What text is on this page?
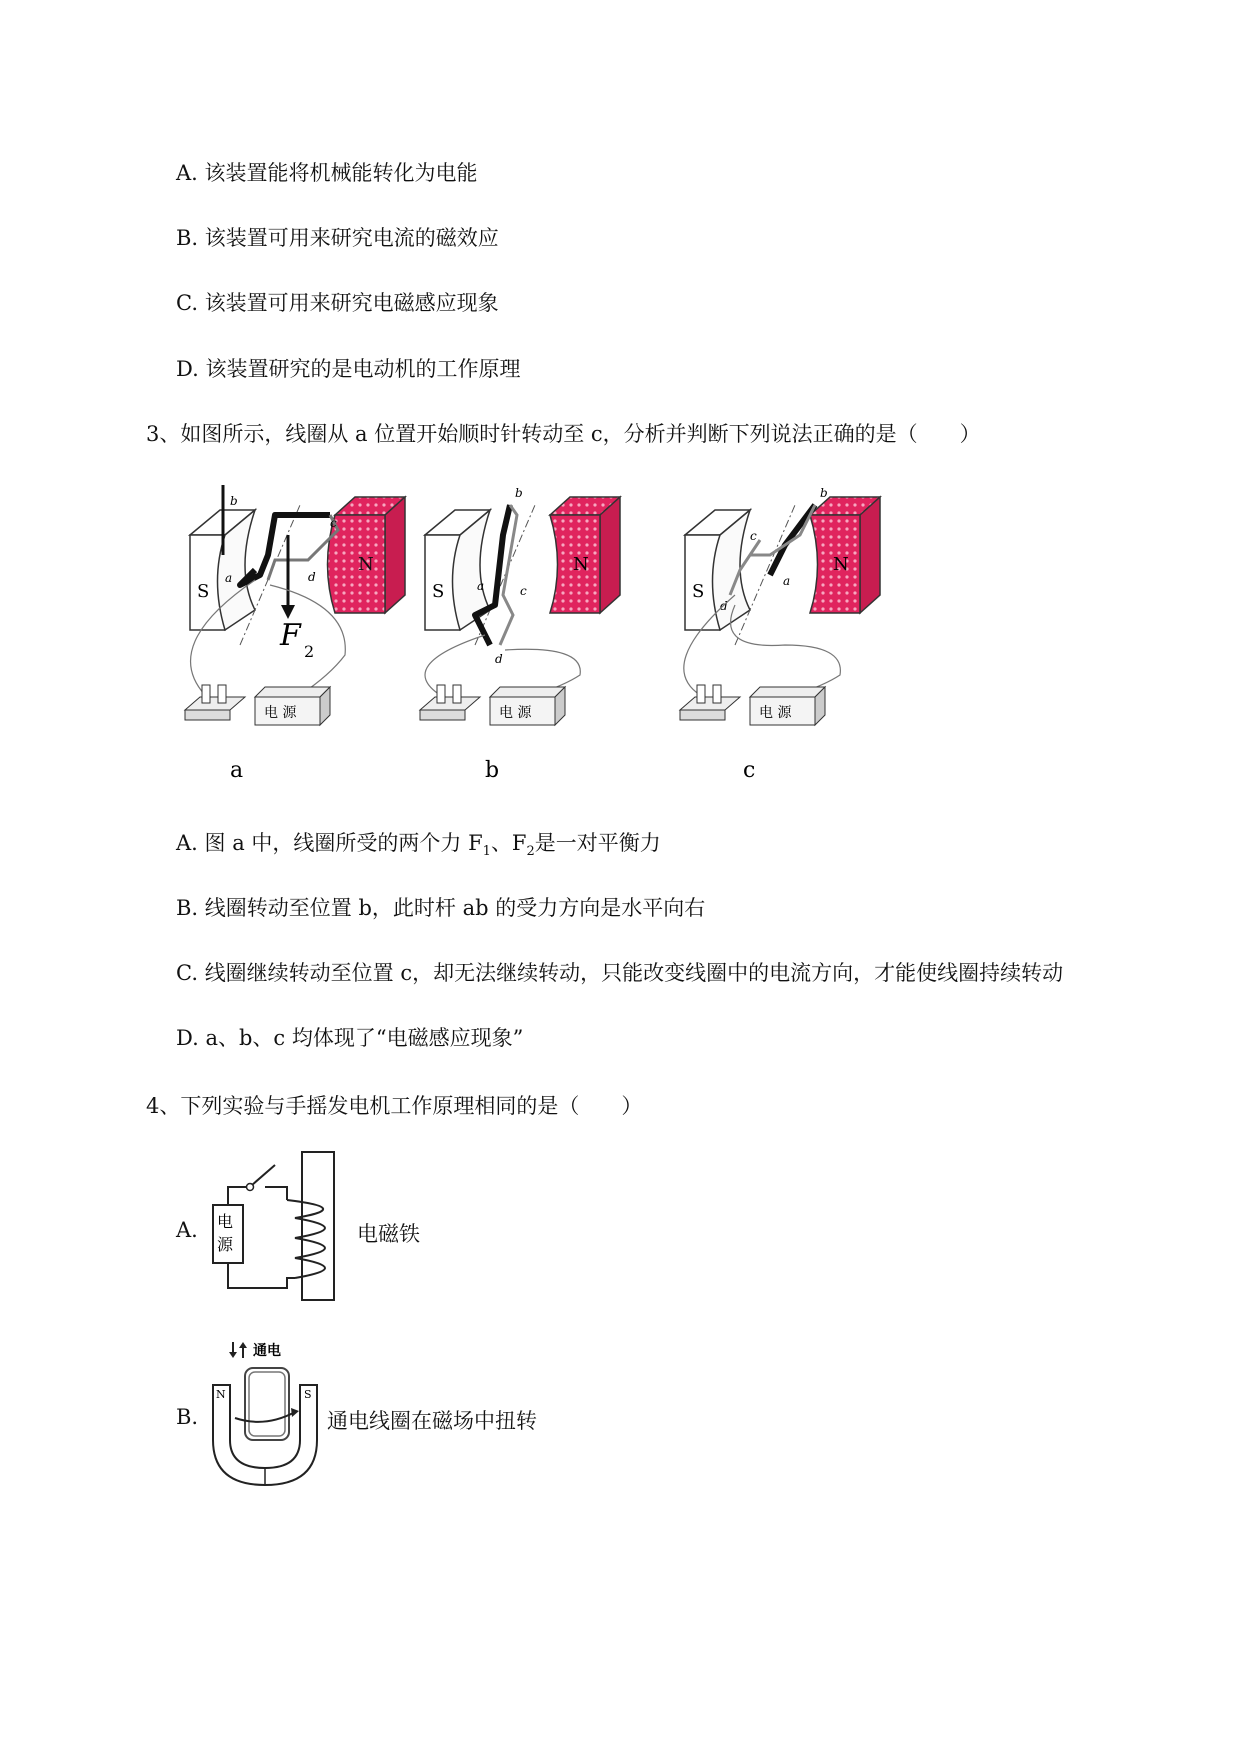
A. 该装置能将机械能转化为电能
B. 该装置可用来研究电流的磁效应
C. 该装置可用来研究电磁感应现象
D. 该装置研究的是电动机的工作原理
3、如图所示，线圈从 a 位置开始顺时针转动至 c，分析并判断下列说法正确的是（　　）
S
N
F 2
b
a
c
d
电 源
a
S
N
b
a	c
d
电 源
b
S
N
b
a
c
d
电 源
c
A. 图 a 中，线圈所受的两个力 $F_1$、$F_2$是一对平衡力
B. 线圈转动至位置 b，此时杆 ab 的受力方向是水平向右
C. 线圈继续转动至位置 c，却无法继续转动，只能改变线圈中的电流方向，才能使线圈持续转动
D. a、b、c 均体现了“电磁感应现象”
4、下列实验与手摇发电机工作原理相同的是（　　）
A. 电
源	电磁铁
B.
通电
N	S
通电线圈在磁场中扭转
